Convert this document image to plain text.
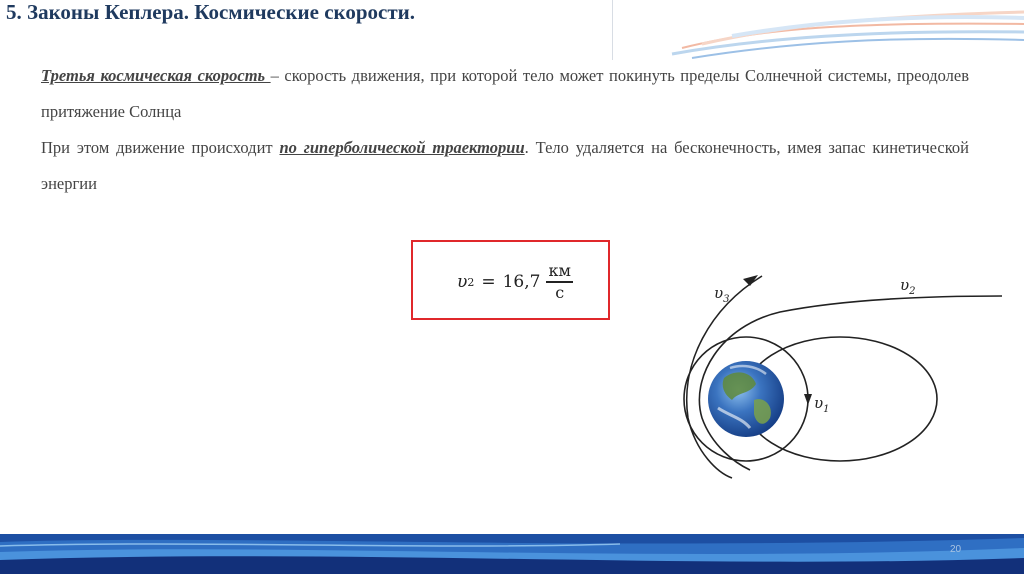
5. Законы Кеплера. Космические скорости.

Третья космическая скорость – скорость движения, при которой тело может покинуть пределы Солнечной системы, преодолев притяжение Солнца

При этом движение происходит по гиперболической траектории. Тело удаляется на бесконечность, имея запас кинетической энергии

υ $2 = 16,7 \frac{км}{с}$	$\upsilon_3$
$\upsilon_2$
$\upsilon_1$
20
